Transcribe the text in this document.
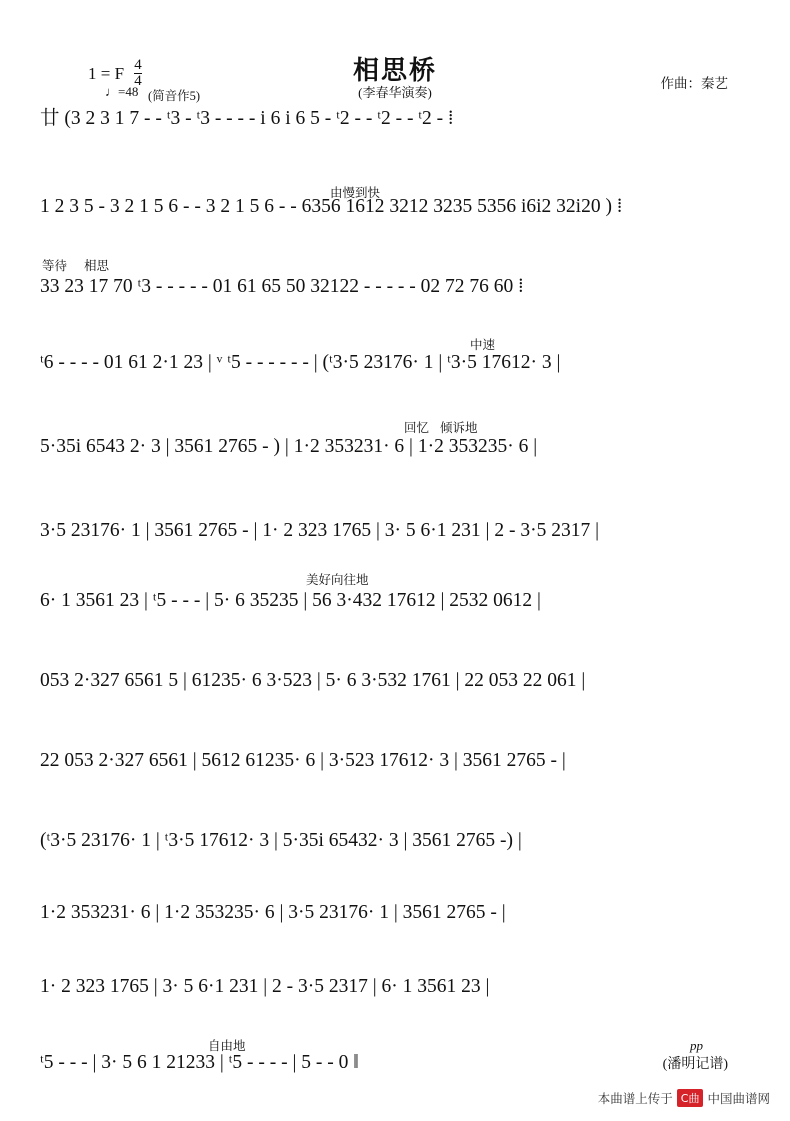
1 = F $\frac{4}{4}$
♩=48 (简音作5)
相思桥
(李春华演奏)
作曲：秦艺
廿 (3 2 3 1 7 - - ᵗ3 - ᵗ3 - - - - i 6 i 6 5 - ᵗ2 - - ᵗ2 - - ᵗ2 - ⁞
由慢到快
1 2 3 5 - 3 2 1 5 6 - - 3 2 1 5 6 - - 6356 1612 3212 3235 5356 i6i2 32i20 ) ⁞
等待 相思
33 23 17 70 ᵗ3 - - - - - 01 61 65 50 32122 - - - - - 02 72 76 60 ⁞
中速
ᵗ6 - - - - 01 61 2·1 23 | ᵛ ᵗ5 - - - - - - | (ᵗ3·5 23176· 1 | ᵗ3·5 17612· 3 |
回忆 倾诉地
5·35i 6543 2· 3 | 3561 2765 - ) | 1·2 353231· 6 | 1·2 353235· 6 |
3·5 23176· 1 | 3561 2765 - | 1· 2 323 1765 | 3· 5 6·1 231 | 2 - 3·5 2317 |
美好向往地
6· 1 3561 23 | ᵗ5 - - - | 5· 6 35235 | 56 3·432 17612 | 2532 0612 |
053 2·327 6561 5 | 61235· 6 3·523 | 5· 6 3·532 1761 | 22 053 22 061 |
22 053 2·327 6561 | 5612 61235· 6 | 3·523 17612· 3 | 3561 2765 - |
(ᵗ3·5 23176· 1 | ᵗ3·5 17612· 3 | 5·35i 65432· 3 | 3561 2765 -) |
1·2 353231· 6 | 1·2 353235· 6 | 3·5 23176· 1 | 3561 2765 - |
1· 2 323 1765 | 3· 5 6·1 231 | 2 - 3·5 2317 | 6· 1 3561 23 |
自由地	pp
ᵗ5 - - - | 3· 5 6 1 21233 | ᵗ5 - - - - | 5 - - 0 ‖	(潘明记谱)
本曲谱上传于 C曲 中国曲谱网
